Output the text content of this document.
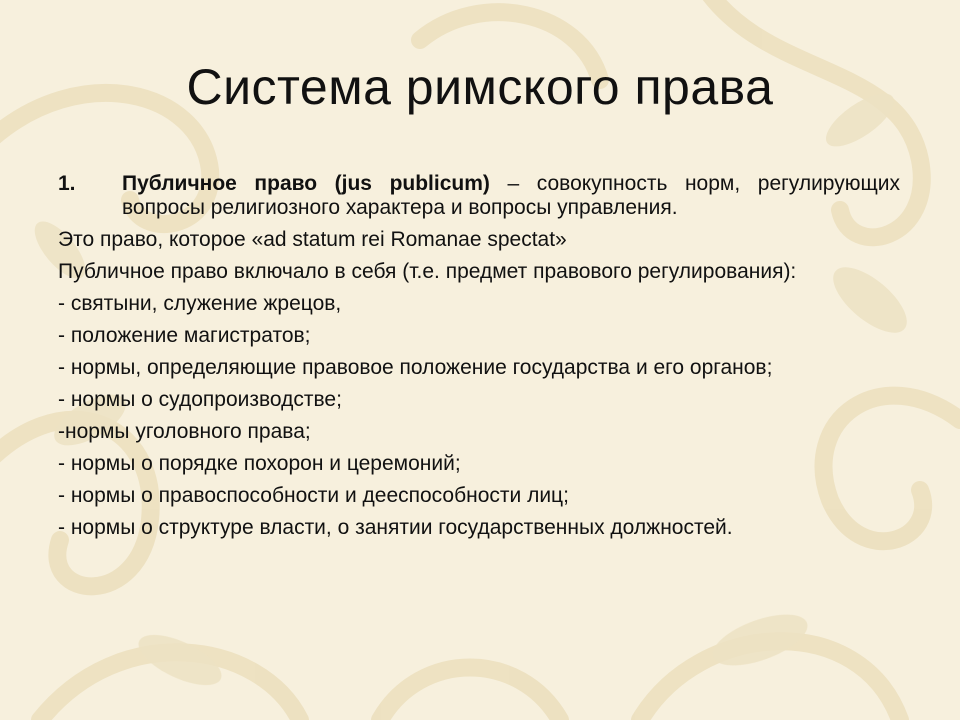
Система римского права
1.	Публичное право (jus publicum) – совокупность норм, регулирующих вопросы религиозного характера и вопросы управления.
Это право, которое «ad statum rei Romanae spectat»
Публичное право включало в себя (т.е. предмет правового регулирования):
- святыни, служение жрецов,
- положение магистратов;
- нормы, определяющие правовое положение государства и его органов;
- нормы о судопроизводстве;
-нормы уголовного права;
- нормы о порядке похорон и церемоний;
- нормы о правоспособности и дееспособности лиц;
- нормы о структуре власти, о занятии государственных должностей.
